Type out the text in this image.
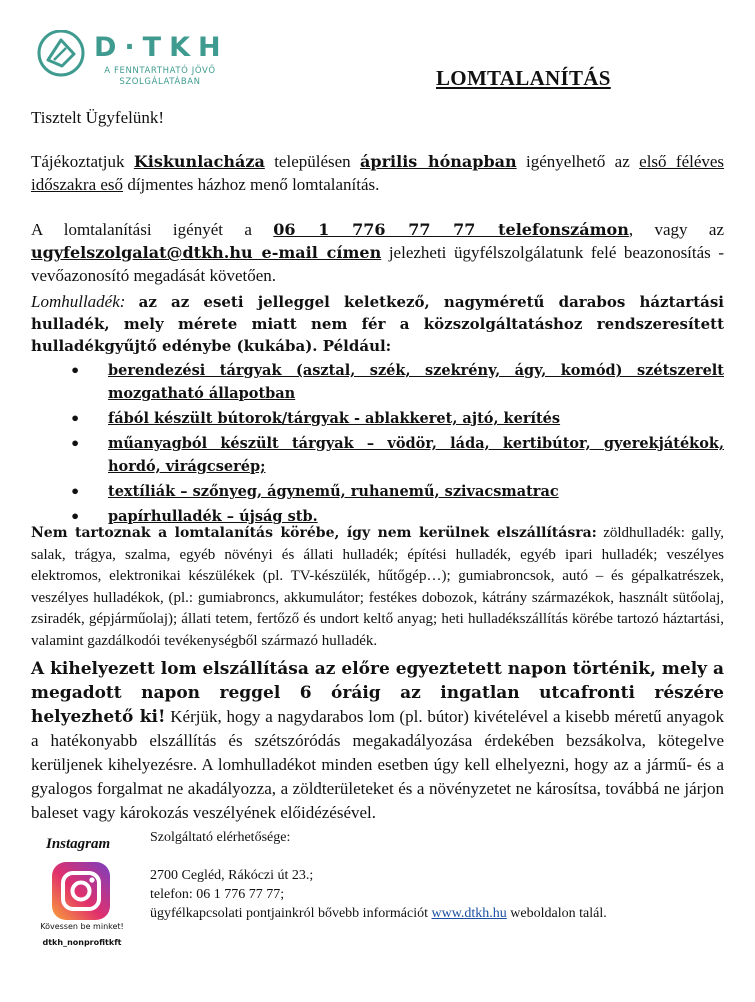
D·TKH
A FENNTARTHATÓ JÖVŐ
SZOLGÁLATÁBAN	LOMTALANÍTÁS
Tisztelt Ügyfelünk!
Tájékoztatjuk Kiskunlacháza településen április hónapban igényelhető az első féléves időszakra eső díjmentes házhoz menő lomtalanítás.
A lomtalanítási igényét a 06 1 776 77 77 telefonszámon, vagy az ugyfelszolgalat@dtkh.hu e-mail címen jelezheti ügyfélszolgálatunk felé beazonosítás - vevőazonosító megadását követően.
Lomhulladék: az az eseti jelleggel keletkező, nagyméretű darabos háztartási hulladék, mely mérete miatt nem fér a közszolgáltatáshoz rendszeresített hulladékgyűjtő edénybe (kukába). Például:
• berendezési tárgyak (asztal, szék, szekrény, ágy, komód) szétszerelt mozgatható állapotban
• fából készült bútorok/tárgyak - ablakkeret, ajtó, kerítés
• műanyagból készült tárgyak – vödör, láda, kertibútor, gyerekjátékok, hordó, virágcserép;
• textíliák – szőnyeg, ágynemű, ruhanemű, szivacsmatrac
• papírhulladék – újság stb.
Nem tartoznak a lomtalanítás körébe, így nem kerülnek elszállításra: zöldhulladék: gally, salak, trágya, szalma, egyéb növényi és állati hulladék; építési hulladék, egyéb ipari hulladék; veszélyes elektromos, elektronikai készülékek (pl. TV-készülék, hűtőgép…); gumiabroncsok, autó – és gépalkatrészek, veszélyes hulladékok, (pl.: gumiabroncs, akkumulátor; festékes dobozok, kátrány származékok, használt sütőolaj, zsiradék, gépjárműolaj); állati tetem, fertőző és undort keltő anyag; heti hulladékszállítás körébe tartozó háztartási, valamint gazdálkodói tevékenységből származó hulladék.
A kihelyezett lom elszállítása az előre egyeztetett napon történik, mely a megadott napon reggel 6 óráig az ingatlan utcafronti részére helyezhető ki! Kérjük, hogy a nagydarabos lom (pl. bútor) kivételével a kisebb méretű anyagok a hatékonyabb elszállítás és szétszóródás megakadályozása érdekében bezsákolva, kötegelve kerüljenek kihelyezésre. A lomhulladékot minden esetben úgy kell elhelyezni, hogy az a jármű- és a gyalogos forgalmat ne akadályozza, a zöldterületeket és a növényzetet ne károsítsa, továbbá ne járjon baleset vagy károkozás veszélyének előidézésével.
Instagram
Kövessen be minket!
dtkh_nonprofitkft
Szolgáltató elérhetősége:
2700 Cegléd, Rákóczi út 23.;
telefon: 06 1 776 77 77;
ügyfélkapcsolati pontjainkról bővebb információt www.dtkh.hu weboldalon talál.
